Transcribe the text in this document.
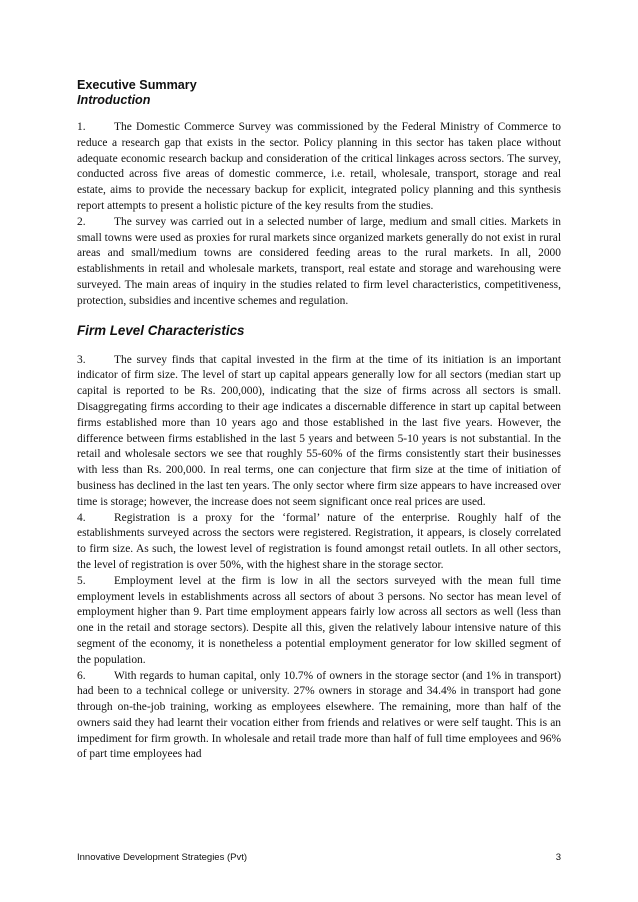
Executive Summary
Introduction

1. The Domestic Commerce Survey was commissioned by the Federal Ministry of Commerce to reduce a research gap that exists in the sector. Policy planning in this sector has taken place without adequate economic research backup and consideration of the critical linkages across sectors. The survey, conducted across five areas of domestic commerce, i.e. retail, wholesale, transport, storage and real estate, aims to provide the necessary backup for explicit, integrated policy planning and this synthesis report attempts to present a holistic picture of the key results from the studies.

2. The survey was carried out in a selected number of large, medium and small cities. Markets in small towns were used as proxies for rural markets since organized markets generally do not exist in rural areas and small/medium towns are considered feeding areas to the rural markets. In all, 2000 establishments in retail and wholesale markets, transport, real estate and storage and warehousing were surveyed. The main areas of inquiry in the studies related to firm level characteristics, competitiveness, protection, subsidies and incentive schemes and regulation.

Firm Level Characteristics

3. The survey finds that capital invested in the firm at the time of its initiation is an important indicator of firm size. The level of start up capital appears generally low for all sectors (median start up capital is reported to be Rs. 200,000), indicating that the size of firms across all sectors is small. Disaggregating firms according to their age indicates a discernable difference in start up capital between firms established more than 10 years ago and those established in the last five years. However, the difference between firms established in the last 5 years and between 5-10 years is not substantial. In the retail and wholesale sectors we see that roughly 55-60% of the firms consistently start their businesses with less than Rs. 200,000. In real terms, one can conjecture that firm size at the time of initiation of business has declined in the last ten years. The only sector where firm size appears to have increased over time is storage; however, the increase does not seem significant once real prices are used.

4. Registration is a proxy for the ‘formal’ nature of the enterprise. Roughly half of the establishments surveyed across the sectors were registered. Registration, it appears, is closely correlated to firm size. As such, the lowest level of registration is found amongst retail outlets. In all other sectors, the level of registration is over 50%, with the highest share in the storage sector.

5. Employment level at the firm is low in all the sectors surveyed with the mean full time employment levels in establishments across all sectors of about 3 persons. No sector has mean level of employment higher than 9. Part time employment appears fairly low across all sectors as well (less than one in the retail and storage sectors). Despite all this, given the relatively labour intensive nature of this segment of the economy, it is nonetheless a potential employment generator for low skilled segment of the population.

6. With regards to human capital, only 10.7% of owners in the storage sector (and 1% in transport) had been to a technical college or university. 27% owners in storage and 34.4% in transport had gone through on-the-job training, working as employees elsewhere. The remaining, more than half of the owners said they had learnt their vocation either from friends and relatives or were self taught. This is an impediment for firm growth. In wholesale and retail trade more than half of full time employees and 96% of part time employees had

Innovative Development Strategies (Pvt)	3
